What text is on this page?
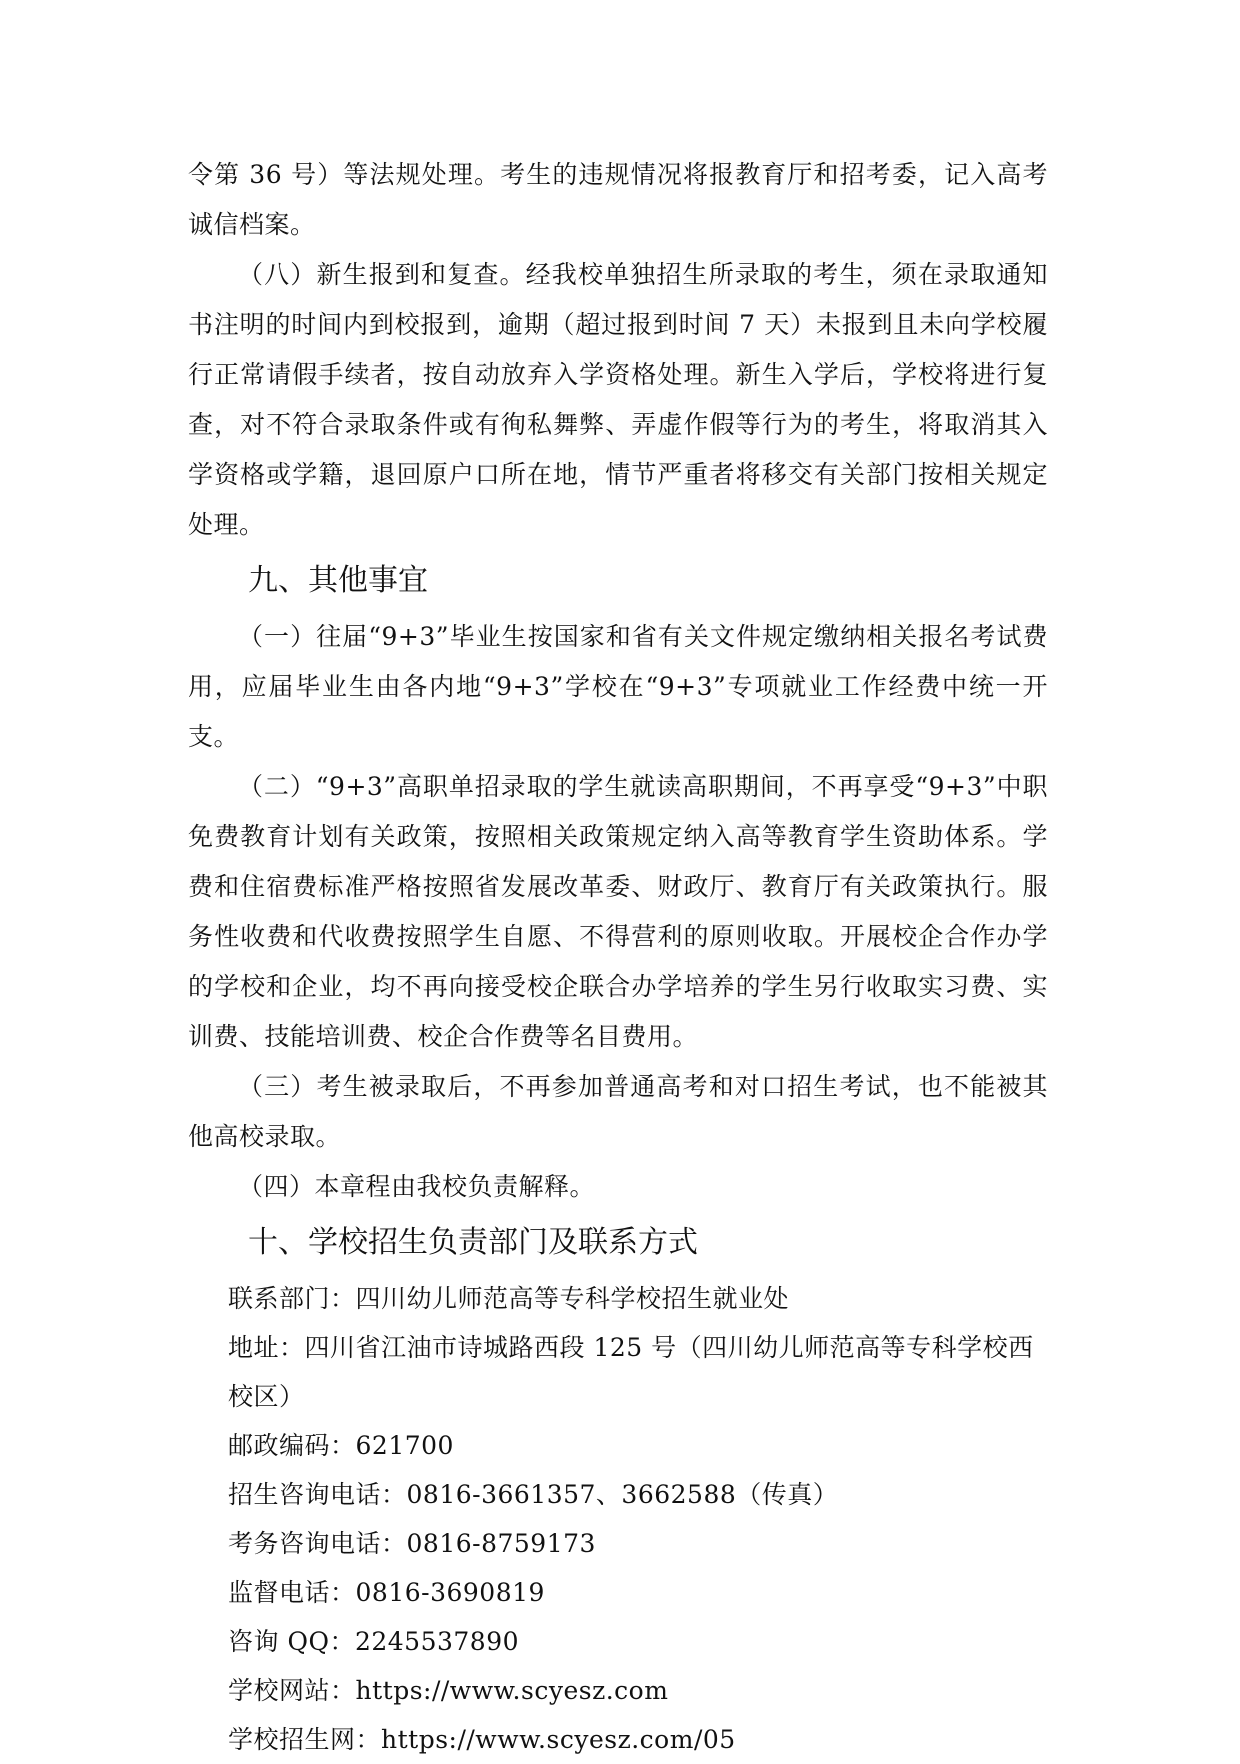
令第 36 号）等法规处理。考生的违规情况将报教育厅和招考委，记入高考诚信档案。

（八）新生报到和复查。经我校单独招生所录取的考生，须在录取通知书注明的时间内到校报到，逾期（超过报到时间 7 天）未报到且未向学校履行正常请假手续者，按自动放弃入学资格处理。新生入学后，学校将进行复查，对不符合录取条件或有徇私舞弊、弄虚作假等行为的考生，将取消其入学资格或学籍，退回原户口所在地，情节严重者将移交有关部门按相关规定处理。

九、其他事宜

（一）往届“9+3”毕业生按国家和省有关文件规定缴纳相关报名考试费用，应届毕业生由各内地“9+3”学校在“9+3”专项就业工作经费中统一开支。

（二）“9+3”高职单招录取的学生就读高职期间，不再享受“9+3”中职免费教育计划有关政策，按照相关政策规定纳入高等教育学生资助体系。学费和住宿费标准严格按照省发展改革委、财政厅、教育厅有关政策执行。服务性收费和代收费按照学生自愿、不得营利的原则收取。开展校企合作办学的学校和企业，均不再向接受校企联合办学培养的学生另行收取实习费、实训费、技能培训费、校企合作费等名目费用。

（三）考生被录取后，不再参加普通高考和对口招生考试，也不能被其他高校录取。

（四）本章程由我校负责解释。

十、学校招生负责部门及联系方式

联系部门：四川幼儿师范高等专科学校招生就业处

地址：四川省江油市诗城路西段 125 号（四川幼儿师范高等专科学校西校区）

邮政编码：621700

招生咨询电话：0816-3661357、3662588（传真）

考务咨询电话：0816-8759173

监督电话：0816-3690819

咨询 QQ：2245537890

学校网站：https://www.scyesz.com

学校招生网：https://www.scyesz.com/05
